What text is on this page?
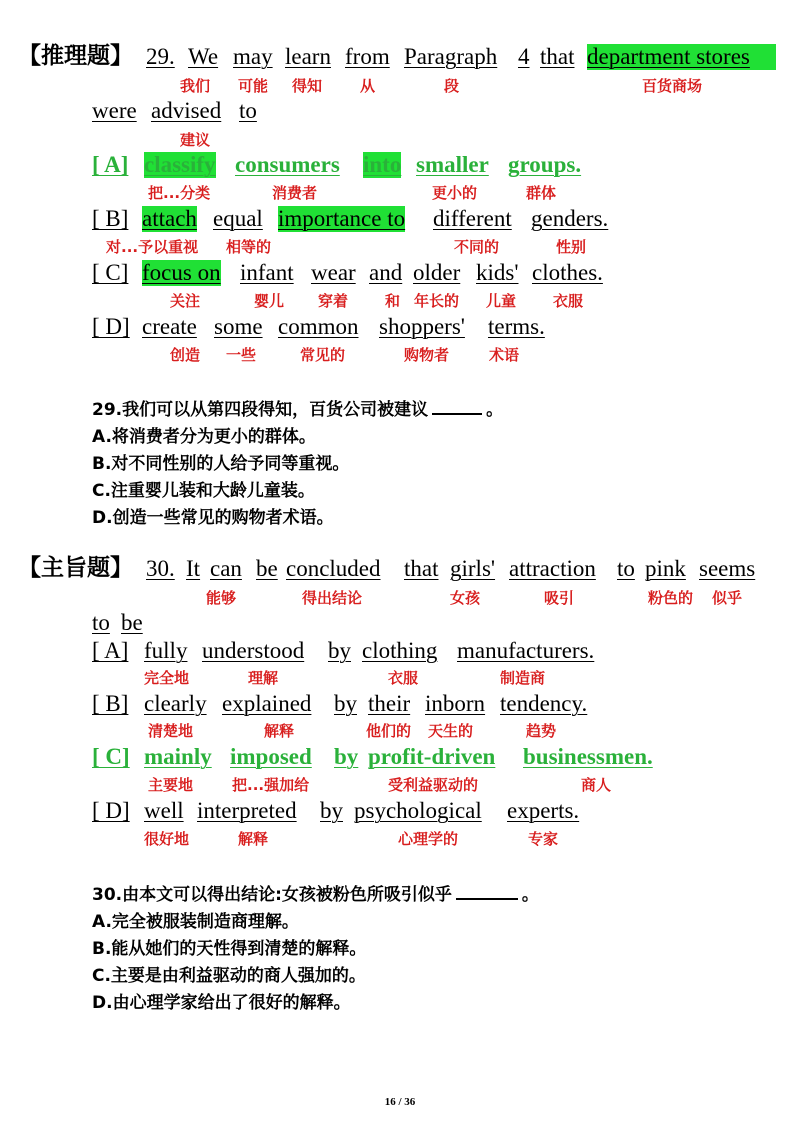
【推理题】 29. We may learn from Paragraph 4 that department stores
我们 可能 得知	从	段	百货商场
were advised to
建议
[ A] classify consumers into smaller groups.
把...分类	消费者	更小的	群体
[ B] attach equal importance to different genders.
对...予以重视 相等的	不同的	性别
[ C] focus on infant wear and older kids' clothes.
关注	婴儿 穿着 和 年长的 儿童 衣服
[ D] create some common shoppers' terms.
创造 一些	常见的	购物者	术语
29.我们可以从第四段得知，百货公司被建议	。
A.将消费者分为更小的群体。
B.对不同性别的人给予同等重视。
C.注重婴儿装和大龄儿童装。
D.创造一些常见的购物者术语。
【主旨题】 30. It can be concluded that girls' attraction to pink seems
能够	得出结论	女孩	吸引	粉色的 似乎
to be
[ A] fully understood by clothing manufacturers.
完全地	理解	衣服	制造商
[ B] clearly explained by their inborn tendency.
清楚地	解释	他们的 天生的	趋势
[ C] mainly imposed by profit-driven businessmen.
主要地	把...强加给	受利益驱动的	商人
[ D] well interpreted by psychological experts.
很好地	解释	心理学的	专家
30.由本文可以得出结论:女孩被粉色所吸引似乎	。
A.完全被服装制造商理解。
B.能从她们的天性得到清楚的解释。
C.主要是由利益驱动的商人强加的。
D.由心理学家给出了很好的解释。
16 / 36
